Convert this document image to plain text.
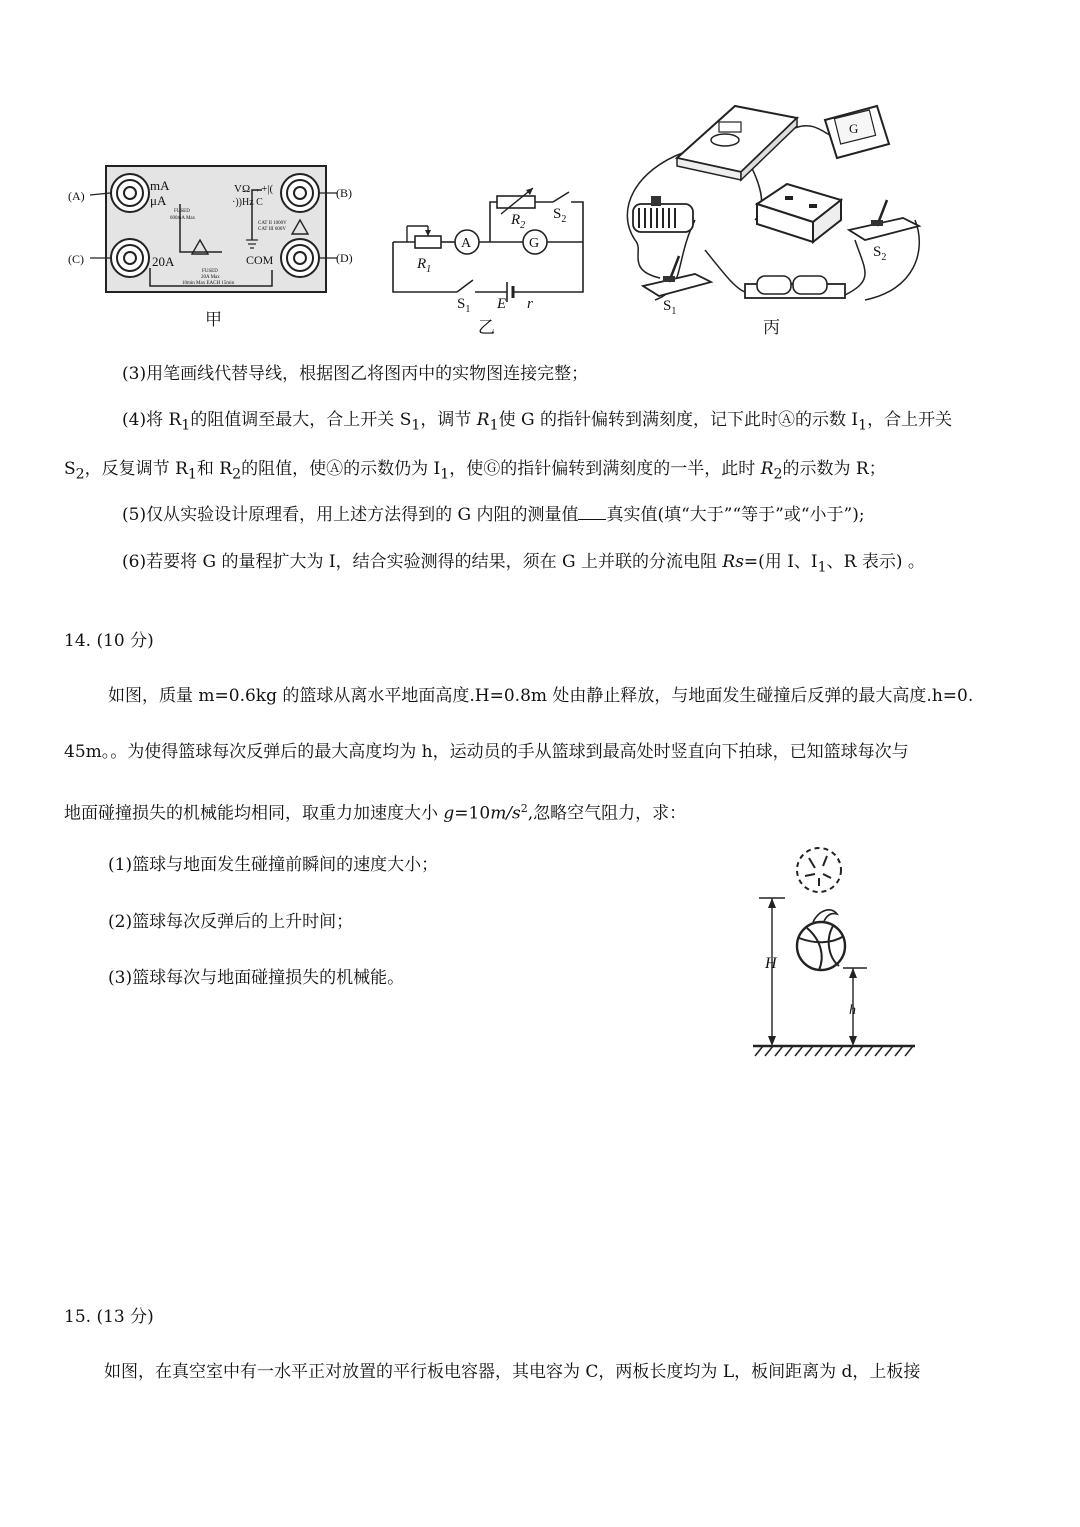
(A)	(B)
(C)	(D)
mA
μA
20A	COM
VΩ→+|(
·))Hz C
FUSED
600mA Max
FUSED
20A Max
10min Max EACH 15min
CAT II 1000V
CAT III 600V
甲
A	G
$R_1$
$R_2$
$S_2$
$S_1$ E r
乙
G
$S_2$
$S_1$
丙
(3)用笔画线代替导线，根据图乙将图丙中的实物图连接完整；
(4)将 $R_1$的阻值调至最大，合上开关 $S_1$，调节 $R_1$使 G 的指针偏转到满刻度，记下此时Ⓐ的示数 $I_1$，合上开关
$S_2$，反复调节 $R_1$和 $R_2$的阻值，使Ⓐ的示数仍为 $I_1$，使Ⓖ的指针偏转到满刻度的一半，此时 $R_2$的示数为 R；
(5)仅从实验设计原理看，用上述方法得到的 G 内阻的测量值 真实值(填“大于”“等于”或“小于”);
(6)若要将 G 的量程扩大为 I，结合实验测得的结果，须在 G 上并联的分流电阻 Rs=(用 I、$I_1$、R 表示) 。
14. (10 分)
如图，质量 m=0.6kg 的篮球从离水平地面高度.H=0.8m 处由静止释放，与地面发生碰撞后反弹的最大高度.h=0.
45m。。为使得篮球每次反弹后的最大高度均为 h，运动员的手从篮球到最高处时竖直向下拍球，已知篮球每次与
地面碰撞损失的机械能均相同，取重力加速度大小 $g=10m/s^2$,忽略空气阻力，求：
(1)篮球与地面发生碰撞前瞬间的速度大小；
(2)篮球每次反弹后的上升时间；
(3)篮球每次与地面碰撞损失的机械能。
H
h
15. (13 分)
如图，在真空室中有一水平正对放置的平行板电容器，其电容为 C，两板长度均为 L，板间距离为 d，上板接
